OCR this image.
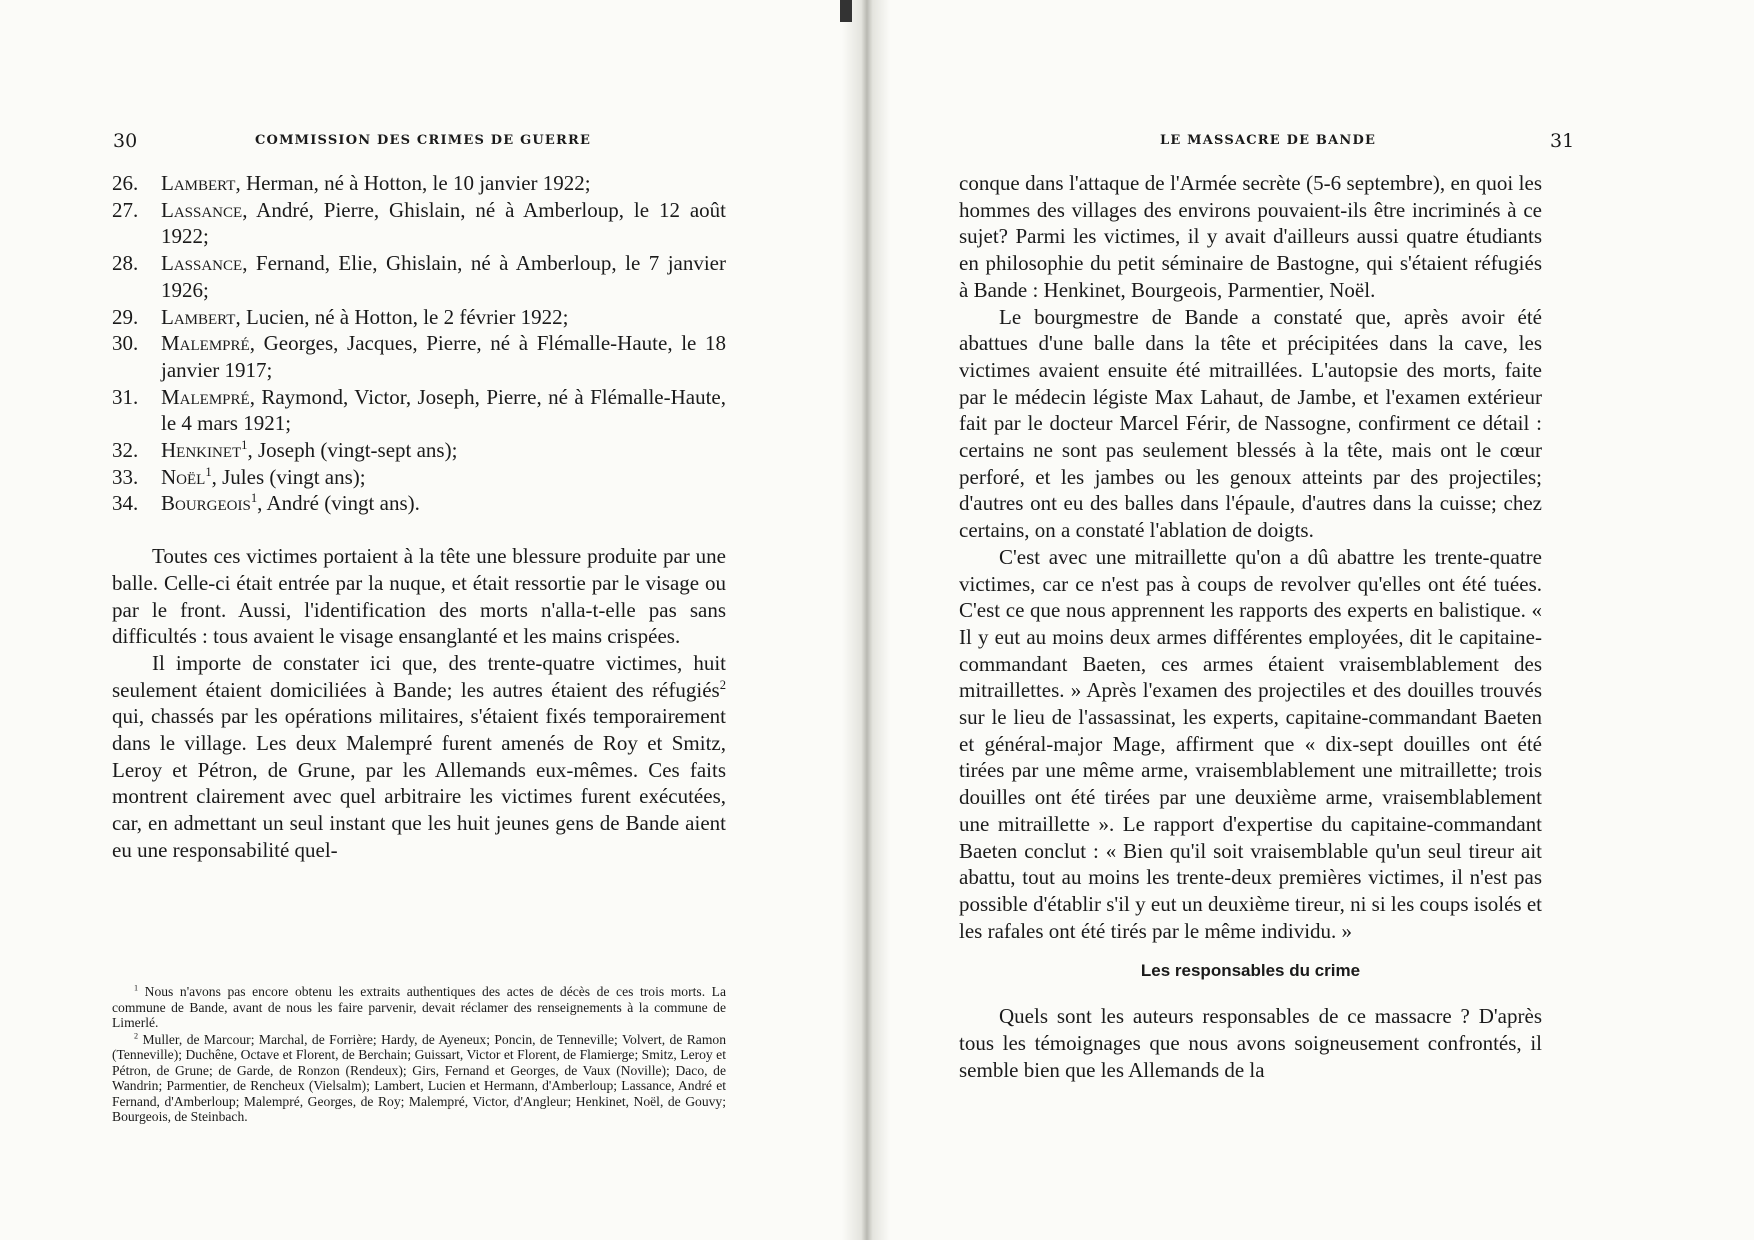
30	COMMISSION DES CRIMES DE GUERRE
26.	Lambert, Herman, né à Hotton, le 10 janvier 1922;
27.	Lassance, André, Pierre, Ghislain, né à Amberloup, le 12 août 1922;
28.	Lassance, Fernand, Elie, Ghislain, né à Amberloup, le 7 janvier 1926;
29.	Lambert, Lucien, né à Hotton, le 2 février 1922;
30.	Malempré, Georges, Jacques, Pierre, né à Flémalle-Haute, le 18 janvier 1917;
31.	Malempré, Raymond, Victor, Joseph, Pierre, né à Flémalle-Haute, le 4 mars 1921;
32.	Henkinet$^1$, Joseph (vingt-sept ans);
33.	Noël$^1$, Jules (vingt ans);
34.	Bourgeois$^1$, André (vingt ans).

Toutes ces victimes portaient à la tête une blessure produite par une balle. Celle-ci était entrée par la nuque, et était ressortie par le visage ou par le front. Aussi, l'identification des morts n'alla-t-elle pas sans difficultés : tous avaient le visage ensanglanté et les mains crispées.

Il importe de constater ici que, des trente-quatre victimes, huit seulement étaient domiciliées à Bande; les autres étaient des réfugiés$^2$ qui, chassés par les opérations militaires, s'étaient fixés temporairement dans le village. Les deux Malempré furent amenés de Roy et Smitz, Leroy et Pétron, de Grune, par les Allemands eux-mêmes. Ces faits montrent clairement avec quel arbitraire les victimes furent exécutées, car, en admettant un seul instant que les huit jeunes gens de Bande aient eu une responsabilité quel-

$^1$ Nous n'avons pas encore obtenu les extraits authentiques des actes de décès de ces trois morts. La commune de Bande, avant de nous les faire parvenir, devait réclamer des renseignements à la commune de Limerlé.

$^2$ Muller, de Marcour; Marchal, de Forrière; Hardy, de Ayeneux; Poncin, de Tenneville; Volvert, de Ramon (Tenneville); Duchêne, Octave et Florent, de Berchain; Guissart, Victor et Florent, de Flamierge; Smitz, Leroy et Pétron, de Grune; de Garde, de Ronzon (Rendeux); Girs, Fernand et Georges, de Vaux (Noville); Daco, de Wandrin; Parmentier, de Rencheux (Vielsalm); Lambert, Lucien et Hermann, d'Amberloup; Lassance, André et Fernand, d'Amberloup; Malempré, Georges, de Roy; Malempré, Victor, d'Angleur; Henkinet, Noël, de Gouvy; Bourgeois, de Steinbach.

31
LE MASSACRE DE BANDE

conque dans l'attaque de l'Armée secrète (5-6 septembre), en quoi les hommes des villages des environs pouvaient-ils être incriminés à ce sujet? Parmi les victimes, il y avait d'ailleurs aussi quatre étudiants en philosophie du petit séminaire de Bastogne, qui s'étaient réfugiés à Bande : Henkinet, Bourgeois, Parmentier, Noël.

Le bourgmestre de Bande a constaté que, après avoir été abattues d'une balle dans la tête et précipitées dans la cave, les victimes avaient ensuite été mitraillées. L'autopsie des morts, faite par le médecin légiste Max Lahaut, de Jambe, et l'examen extérieur fait par le docteur Marcel Férir, de Nassogne, confirment ce détail : certains ne sont pas seulement blessés à la tête, mais ont le cœur perforé, et les jambes ou les genoux atteints par des projectiles; d'autres ont eu des balles dans l'épaule, d'autres dans la cuisse; chez certains, on a constaté l'ablation de doigts.

C'est avec une mitraillette qu'on a dû abattre les trente-quatre victimes, car ce n'est pas à coups de revolver qu'elles ont été tuées. C'est ce que nous apprennent les rapports des experts en balistique. « Il y eut au moins deux armes différentes employées, dit le capitaine-commandant Baeten, ces armes étaient vraisemblablement des mitraillettes. » Après l'examen des projectiles et des douilles trouvés sur le lieu de l'assassinat, les experts, capitaine-commandant Baeten et général-major Mage, affirment que « dix-sept douilles ont été tirées par une même arme, vraisemblablement une mitraillette; trois douilles ont été tirées par une deuxième arme, vraisemblablement une mitraillette ». Le rapport d'expertise du capitaine-commandant Baeten conclut : « Bien qu'il soit vraisemblable qu'un seul tireur ait abattu, tout au moins les trente-deux premières victimes, il n'est pas possible d'établir s'il y eut un deuxième tireur, ni si les coups isolés et les rafales ont été tirés par le même individu. »

Les responsables du crime

Quels sont les auteurs responsables de ce massacre ? D'après tous les témoignages que nous avons soigneusement confrontés, il semble bien que les Allemands de la
